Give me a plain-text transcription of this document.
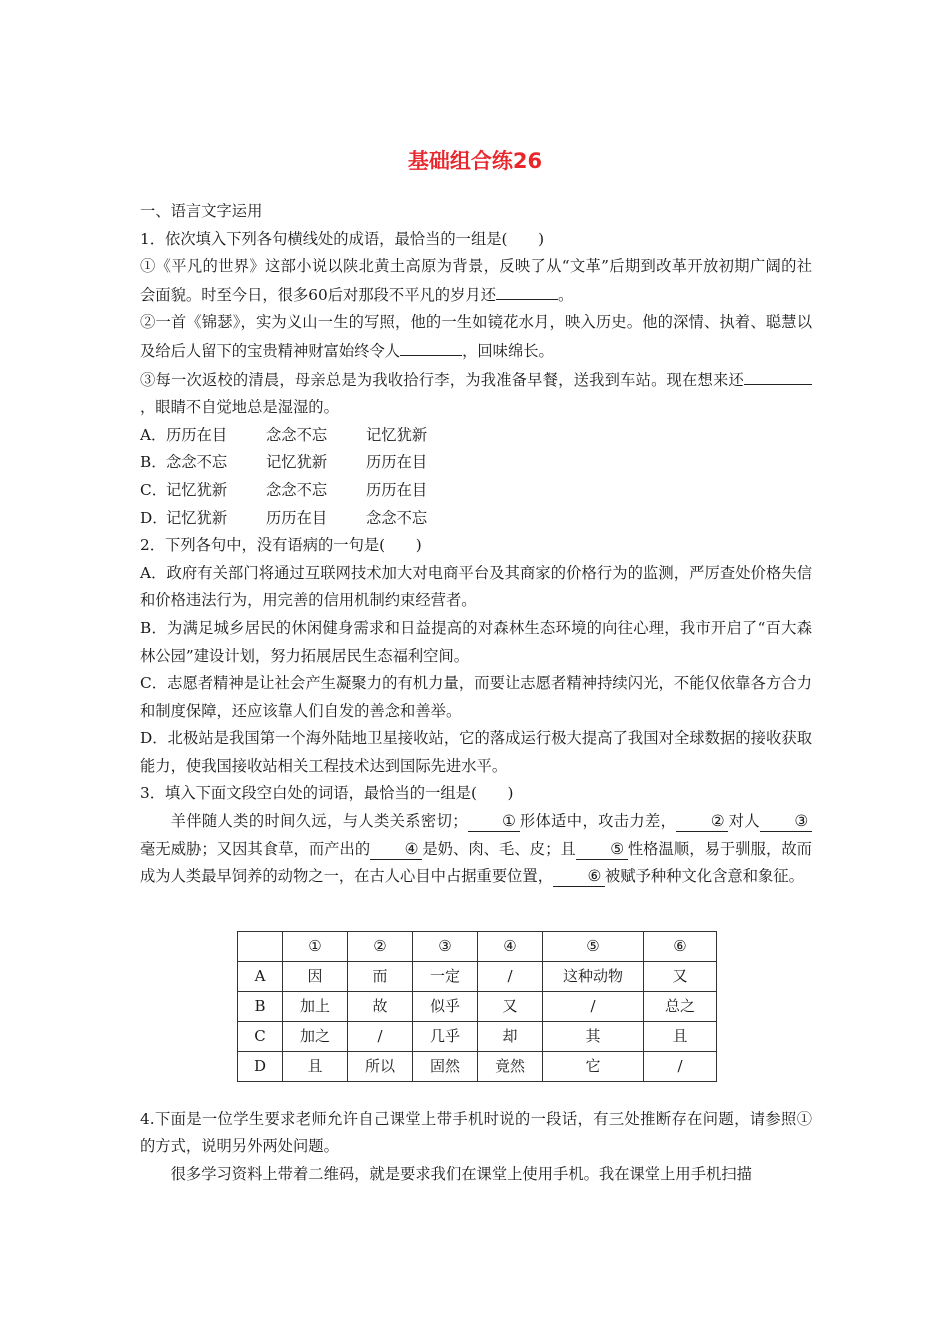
基础组合练26

一、语言文字运用

1．依次填入下列各句横线处的成语，最恰当的一组是(　　)

①《平凡的世界》这部小说以陕北黄土高原为背景，反映了从“文革”后期到改革开放初期广阔的社会面貌。时至今日，很多60后对那段不平凡的岁月还	。

②一首《锦瑟》，实为义山一生的写照，他的一生如镜花水月，映入历史。他的深情、执着、聪慧以及给后人留下的宝贵精神财富始终令人	，回味绵长。

③每一次返校的清晨，母亲总是为我收拾行李，为我准备早餐，送我到车站。现在想来还，眼睛不自觉地总是湿湿的。

A．历历在目	念念不忘	记忆犹新

B．念念不忘	记忆犹新	历历在目

C．记忆犹新	念念不忘	历历在目

D．记忆犹新	历历在目	念念不忘

2．下列各句中，没有语病的一句是(　　)

A．政府有关部门将通过互联网技术加大对电商平台及其商家的价格行为的监测，严厉查处价格失信和价格违法行为，用完善的信用机制约束经营者。

B．为满足城乡居民的休闲健身需求和日益提高的对森林生态环境的向往心理，我市开启了“百大森林公园”建设计划，努力拓展居民生态福利空间。

C．志愿者精神是让社会产生凝聚力的有机力量，而要让志愿者精神持续闪光，不能仅依靠各方合力和制度保障，还应该靠人们自发的善念和善举。

D．北极站是我国第一个海外陆地卫星接收站，它的落成运行极大提高了我国对全球数据的接收获取能力，使我国接收站相关工程技术达到国际先进水平。

3．填入下面文段空白处的词语，最恰当的一组是(　　)

羊伴随人类的时间久远，与人类关系密切； ① 形体适中，攻击力差， ② 对人 ③毫无威胁；又因其食草，而产出的 ④ 是奶、肉、毛、皮；且 ⑤ 性格温顺，易于驯服，故而成为人类最早饲养的动物之一，在古人心目中占据重要位置， ⑥ 被赋予种种文化含意和象征。

	①	②	③	④	⑤	⑥
A	因	而	一定	/	这种动物	又
B	加上	故	似乎	又	/	总之
C	加之	/	几乎	却	其	且
D	且	所以	固然	竟然	它	/

4.下面是一位学生要求老师允许自己课堂上带手机时说的一段话，有三处推断存在问题，请参照①的方式，说明另外两处问题。

很多学习资料上带着二维码，就是要求我们在课堂上使用手机。我在课堂上用手机扫描
